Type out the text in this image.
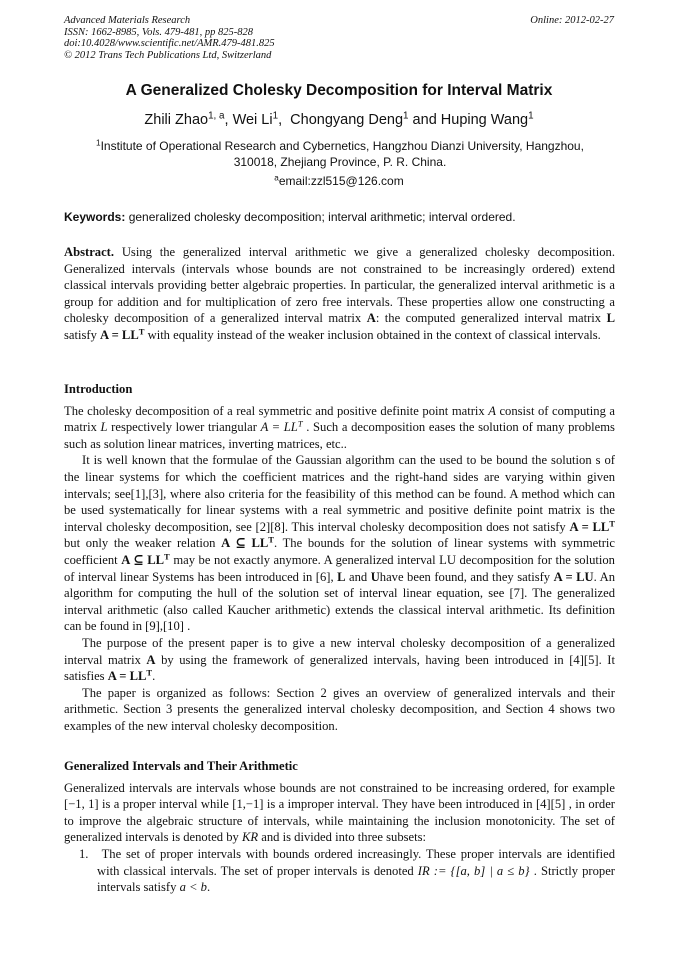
Advanced Materials Research
ISSN: 1662-8985, Vols. 479-481, pp 825-828
doi:10.4028/www.scientific.net/AMR.479-481.825
© 2012 Trans Tech Publications Ltd, Switzerland
Online: 2012-02-27
A Generalized Cholesky Decomposition for Interval Matrix
Zhili Zhao$^{1, a}$, Wei Li$^1$,  Chongyang Deng$^1$ and Huping Wang$^1$
$^1$Institute of Operational Research and Cybernetics, Hangzhou Dianzi University, Hangzhou,
310018, Zhejiang Province, P. R. China.
$^a$email:zzl515@126.com
Keywords: generalized cholesky decomposition; interval arithmetic; interval ordered.

Abstract. Using the generalized interval arithmetic we give a generalized cholesky decomposition. Generalized intervals (intervals whose bounds are not constrained to be increasingly ordered) extend classical intervals providing better algebraic properties. In particular, the generalized interval arithmetic is a group for addition and for multiplication of zero free intervals. These properties allow one constructing a cholesky decomposition of a generalized interval matrix A: the computed generalized interval matrix L satisfy $A = LL^T$ with equality instead of the weaker inclusion obtained in the context of classical intervals.

Introduction

The cholesky decomposition of a real symmetric and positive definite point matrix A consist of computing a matrix L respectively lower triangular $A = LL^T$ . Such a decomposition eases the solution of many problems such as solution linear matrices, inverting matrices, etc..

It is well known that the formulae of the Gaussian algorithm can the used to be bound the solution s of the linear systems for which the coefficient matrices and the right-hand sides are varying within given intervals; see[1],[3], where also criteria for the feasibility of this method can be found. A method which can be used systematically for linear systems with a real symmetric and positive definite point matrix is the interval cholesky decomposition, see [2][8]. This interval cholesky decomposition does not satisfy $A = LL^T$ but only the weaker relation A ⊆ $LL^T$. The bounds for the solution of linear systems with symmetric coefficient A ⊆ $LL^T$ may be not exactly anymore. A generalized interval LU decomposition for the solution of interval linear Systems has been introduced in [6], L and Uhave been found, and they satisfy A = LU. An algorithm for computing the hull of the solution set of interval linear equation, see [7]. The generalized interval arithmetic (also called Kaucher arithmetic) extends the classical interval arithmetic. Its definition can be found in [9],[10] .

The purpose of the present paper is to give a new interval cholesky decomposition of a generalized interval matrix A by using the framework of generalized intervals, having been introduced in [4][5]. It satisfies $A = LL^T$.

The paper is organized as follows: Section 2 gives an overview of generalized intervals and their arithmetic. Section 3 presents the generalized interval cholesky decomposition, and Section 4 shows two examples of the new interval cholesky decomposition.

Generalized Intervals and Their Arithmetic

Generalized intervals are intervals whose bounds are not constrained to be increasing ordered, for example [−1, 1] is a proper interval while [1,−1] is a improper interval. They have been introduced in [4][5] , in order to improve the algebraic structure of intervals, while maintaining the inclusion monotonicity. The set of generalized intervals is denoted by KR and is divided into three subsets:

1. The set of proper intervals with bounds ordered increasingly. These proper intervals are identified with classical intervals. The set of proper intervals is denoted IR := {[a, b] | a ≤ b} . Strictly proper intervals satisfy a < b.
